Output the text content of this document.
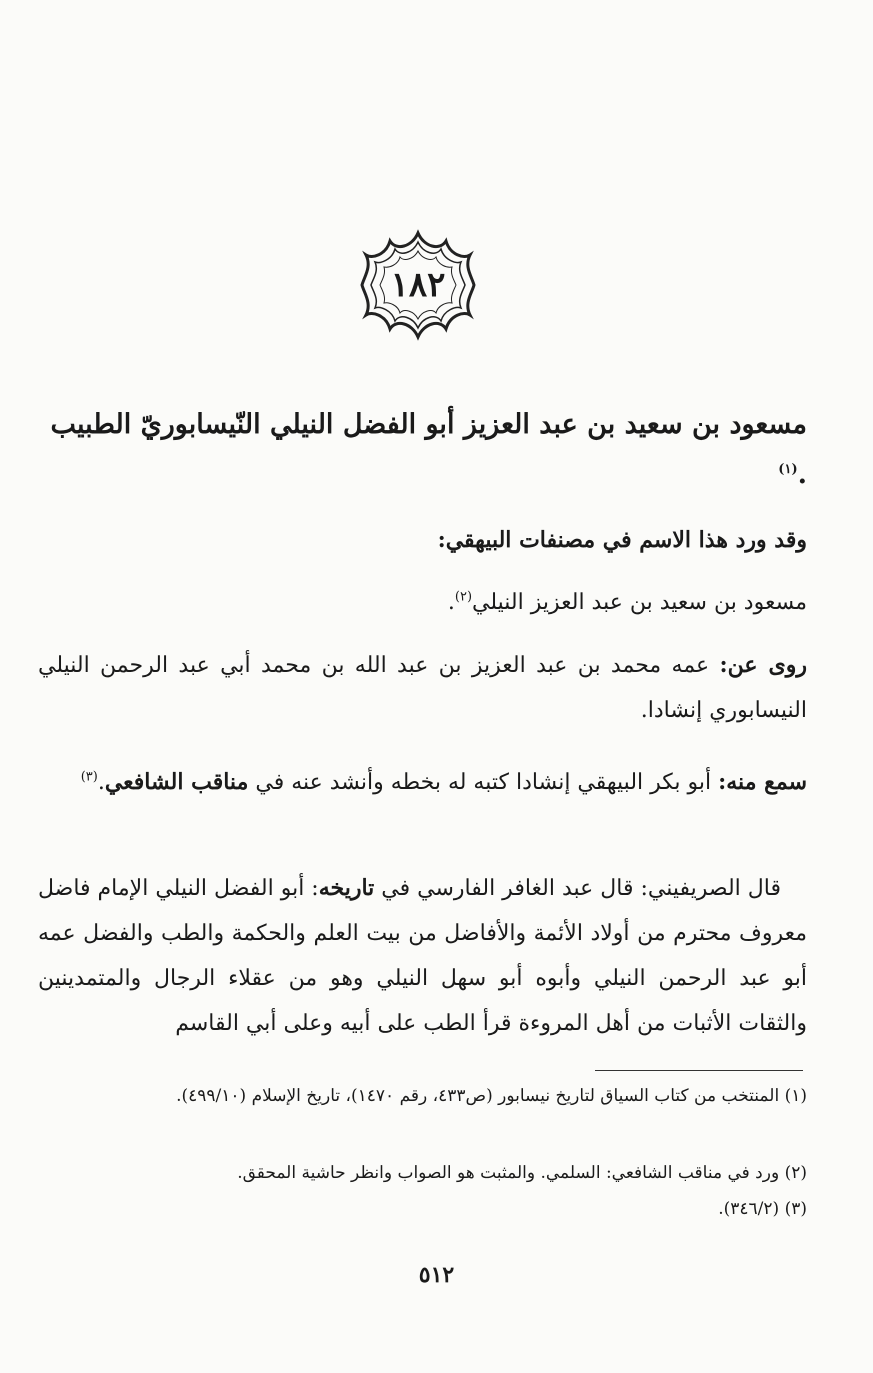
١٨٢
مسعود بن سعيد بن عبد العزيز أبو الفضل النيلي النّيسابوريّ الطبيب .$^{(١)}$
وقد ورد هذا الاسم في مصنفات البيهقي:
مسعود بن سعيد بن عبد العزيز النيلي$^{(٢)}$.
روى عن: عمه محمد بن عبد العزيز بن عبد الله بن محمد أبي عبد الرحمن النيلي النيسابوري إنشادا.
سمع منه: أبو بكر البيهقي إنشادا كتبه له بخطه وأنشد عنه في مناقب الشافعي.$^{(٣)}$
قال الصريفيني: قال عبد الغافر الفارسي في تاريخه: أبو الفضل النيلي الإمام فاضل معروف محترم من أولاد الأئمة والأفاضل من بيت العلم والحكمة والطب والفضل عمه أبو عبد الرحمن النيلي وأبوه أبو سهل النيلي وهو من عقلاء الرجال والمتمدينين والثقات الأثبات من أهل المروءة قرأ الطب على أبيه وعلى أبي القاسم
(١) المنتخب من كتاب السياق لتاريخ نيسابور (ص٤٣٣، رقم ١٤٧٠)، تاريخ الإسلام (٤٩٩/١٠).
(٢) ورد في مناقب الشافعي: السلمي. والمثبت هو الصواب وانظر حاشية المحقق.
(٣) (٣٤٦/٢).
٥١٢
